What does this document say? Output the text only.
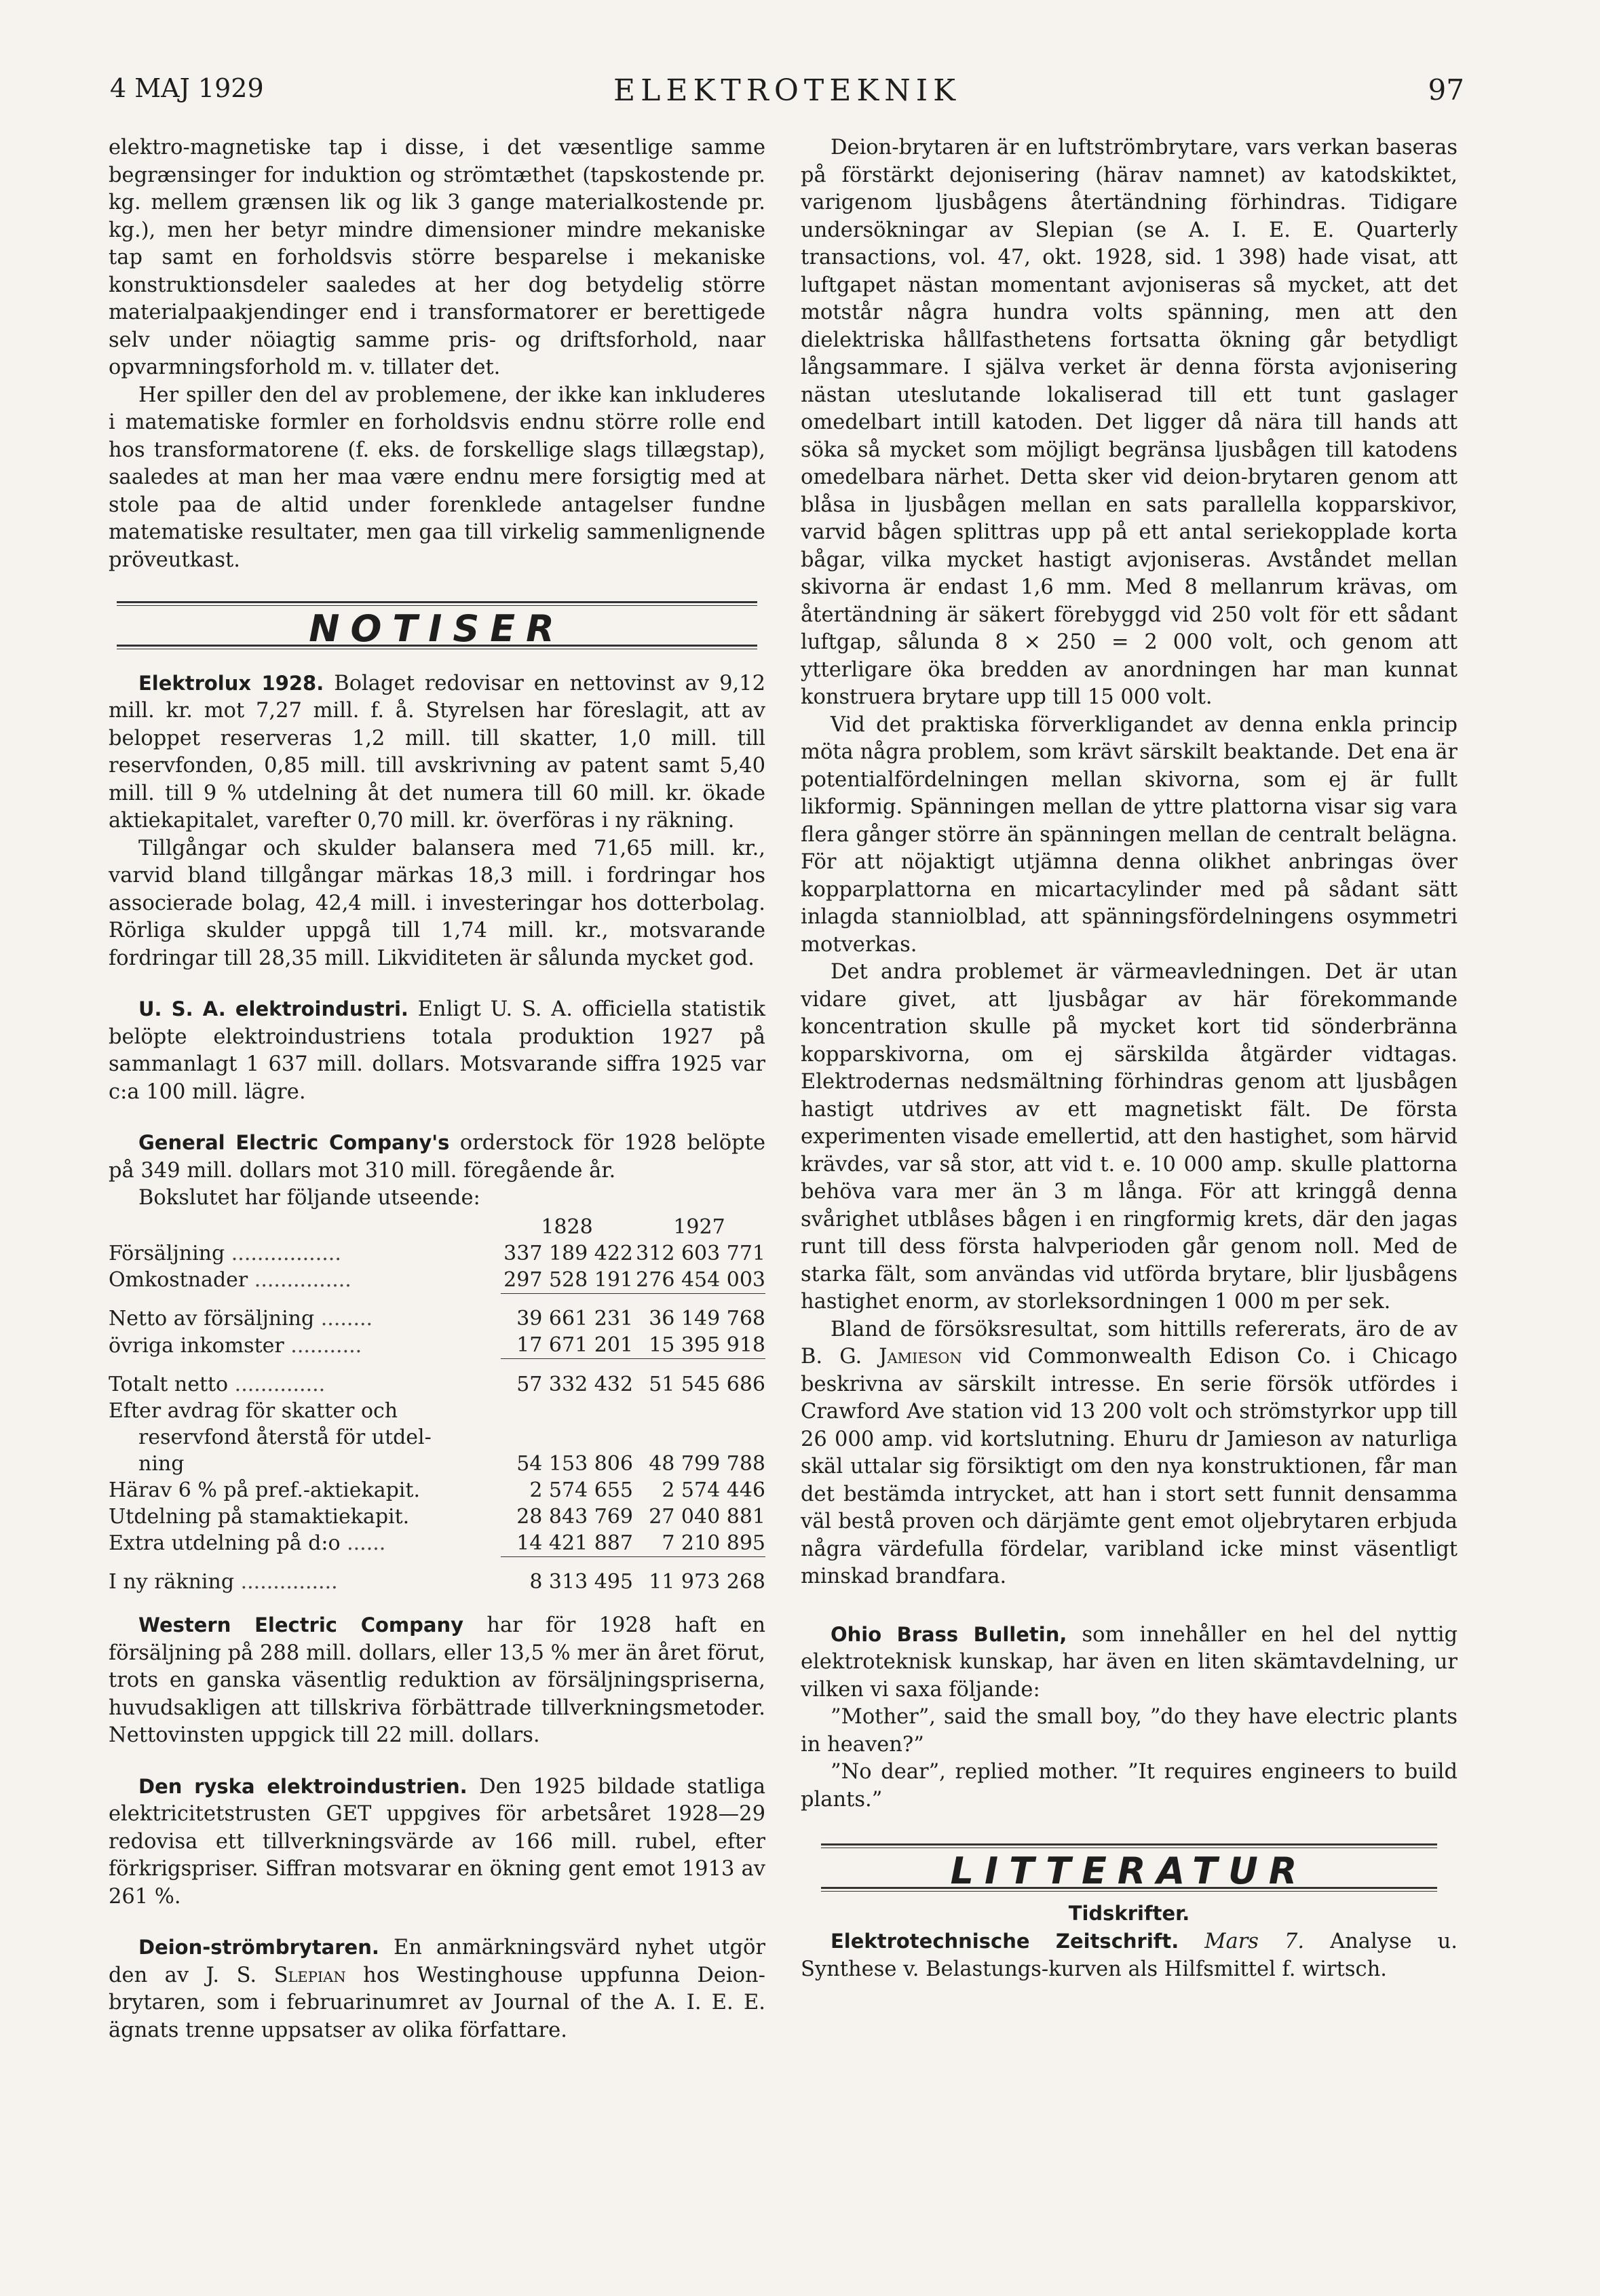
4 MAJ 1929	ELEKTROTEKNIK	97

elektro-magnetiske tap i disse, i det væsentlige samme begrænsinger for induktion og strömtæthet (tapskostende pr. kg. mellem grænsen lik og lik 3 gange materialkostende pr. kg.), men her betyr mindre dimensioner mindre mekaniske tap samt en forholdsvis större besparelse i mekaniske konstruktionsdeler saaledes at her dog betydelig större materialpaakjendinger end i transformatorer er berettigede selv under nöiagtig samme pris- og driftsforhold, naar opvarmningsforhold m. v. tillater det.

Her spiller den del av problemene, der ikke kan inkluderes i matematiske formler en forholdsvis endnu större rolle end hos transformatorene (f. eks. de forskellige slags tillægstap), saaledes at man her maa være endnu mere forsigtig med at stole paa de altid under forenklede antagelser fundne matematiske resultater, men gaa till virkelig sammenlignende pröveutkast.

NOTISER

Elektrolux 1928. Bolaget redovisar en nettovinst av 9,12 mill. kr. mot 7,27 mill. f. å. Styrelsen har föreslagit, att av beloppet reserveras 1,2 mill. till skatter, 1,0 mill. till reservfonden, 0,85 mill. till avskrivning av patent samt 5,40 mill. till 9 % utdelning åt det numera till 60 mill. kr. ökade aktiekapitalet, varefter 0,70 mill. kr. överföras i ny räkning.

Tillgångar och skulder balansera med 71,65 mill. kr., varvid bland tillgångar märkas 18,3 mill. i fordringar hos associerade bolag, 42,4 mill. i investeringar hos dotterbolag. Rörliga skulder uppgå till 1,74 mill. kr., motsvarande fordringar till 28,35 mill. Likviditeten är sålunda mycket god.

U. S. A. elektroindustri. Enligt U. S. A. officiella statistik belöpte elektroindustriens totala produktion 1927 på sammanlagt 1 637 mill. dollars. Motsvarande siffra 1925 var c:a 100 mill. lägre.

General Electric Company's orderstock för 1928 belöpte på 349 mill. dollars mot 310 mill. föregående år.

Bokslutet har följande utseende:

	1828	1927
Försäljning .................	337 189 422	312 603 771
Omkostnader ...............	297 528 191	276 454 003
Netto av försäljning ........	39 661 231	36 149 768
övriga inkomster ...........	17 671 201	15 395 918
Totalt netto ..............	57 332 432	51 545 686
Efter avdrag för skatter och		
reservfond återstå för utdel-		
ning	54 153 806	48 799 788
Härav 6 % på pref.-aktiekapit.	2 574 655	2 574 446
Utdelning på stamaktiekapit.	28 843 769	27 040 881
Extra utdelning på d:o ......	14 421 887	7 210 895
I ny räkning ...............	8 313 495	11 973 268

Western Electric Company har för 1928 haft en försäljning på 288 mill. dollars, eller 13,5 % mer än året förut, trots en ganska väsentlig reduktion av försäljningspriserna, huvudsakligen att tillskriva förbättrade tillverkningsmetoder. Nettovinsten uppgick till 22 mill. dollars.

Den ryska elektroindustrien. Den 1925 bildade statliga elektricitetstrusten GET uppgives för arbetsåret 1928—29 redovisa ett tillverkningsvärde av 166 mill. rubel, efter förkrigspriser. Siffran motsvarar en ökning gent emot 1913 av 261 %.

Deion-strömbrytaren. En anmärkningsvärd nyhet utgör den av J. S. Slepian hos Westinghouse uppfunna Deion-brytaren, som i februarinumret av Journal of the A. I. E. E. ägnats trenne uppsatser av olika författare.

Deion-brytaren är en luftströmbrytare, vars verkan baseras på förstärkt dejonisering (härav namnet) av katodskiktet, varigenom ljusbågens återtändning förhindras. Tidigare undersökningar av Slepian (se A. I. E. E. Quarterly transactions, vol. 47, okt. 1928, sid. 1 398) hade visat, att luftgapet nästan momentant avjoniseras så mycket, att det motstår några hundra volts spänning, men att den dielektriska hållfasthetens fortsatta ökning går betydligt långsammare. I själva verket är denna första avjonisering nästan uteslutande lokaliserad till ett tunt gaslager omedelbart intill katoden. Det ligger då nära till hands att söka så mycket som möjligt begränsa ljusbågen till katodens omedelbara närhet. Detta sker vid deion-brytaren genom att blåsa in ljusbågen mellan en sats parallella kopparskivor, varvid bågen splittras upp på ett antal seriekopplade korta bågar, vilka mycket hastigt avjoniseras. Avståndet mellan skivorna är endast 1,6 mm. Med 8 mellanrum krävas, om återtändning är säkert förebyggd vid 250 volt för ett sådant luftgap, sålunda 8 × 250 = 2 000 volt, och genom att ytterligare öka bredden av anordningen har man kunnat konstruera brytare upp till 15 000 volt.

Vid det praktiska förverkligandet av denna enkla princip möta några problem, som krävt särskilt beaktande. Det ena är potentialfördelningen mellan skivorna, som ej är fullt likformig. Spänningen mellan de yttre plattorna visar sig vara flera gånger större än spänningen mellan de centralt belägna. För att nöjaktigt utjämna denna olikhet anbringas över kopparplattorna en micartacylinder med på sådant sätt inlagda stanniolblad, att spänningsfördelningens osymmetri motverkas.

Det andra problemet är värmeavledningen. Det är utan vidare givet, att ljusbågar av här förekommande koncentration skulle på mycket kort tid sönderbränna kopparskivorna, om ej särskilda åtgärder vidtagas. Elektrodernas nedsmältning förhindras genom att ljusbågen hastigt utdrives av ett magnetiskt fält. De första experimenten visade emellertid, att den hastighet, som härvid krävdes, var så stor, att vid t. e. 10 000 amp. skulle plattorna behöva vara mer än 3 m långa. För att kringgå denna svårighet utblåses bågen i en ringformig krets, där den jagas runt till dess första halvperioden går genom noll. Med de starka fält, som användas vid utförda brytare, blir ljusbågens hastighet enorm, av storleksordningen 1 000 m per sek.

Bland de försöksresultat, som hittills refererats, äro de av B. G. Jamieson vid Commonwealth Edison Co. i Chicago beskrivna av särskilt intresse. En serie försök utfördes i Crawford Ave station vid 13 200 volt och strömstyrkor upp till 26 000 amp. vid kortslutning. Ehuru dr Jamieson av naturliga skäl uttalar sig försiktigt om den nya konstruktionen, får man det bestämda intrycket, att han i stort sett funnit densamma väl bestå proven och därjämte gent emot oljebrytaren erbjuda några värdefulla fördelar, varibland icke minst väsentligt minskad brandfara.

Ohio Brass Bulletin, som innehåller en hel del nyttig elektroteknisk kunskap, har även en liten skämtavdelning, ur vilken vi saxa följande:

”Mother”, said the small boy, ”do they have electric plants in heaven?”

”No dear”, replied mother. ”It requires engineers to build plants.”

LITTERATUR
Tidskrifter.

Elektrotechnische Zeitschrift. Mars 7. Analyse u. Synthese v. Belastungs-kurven als Hilfsmittel f. wirtsch.
